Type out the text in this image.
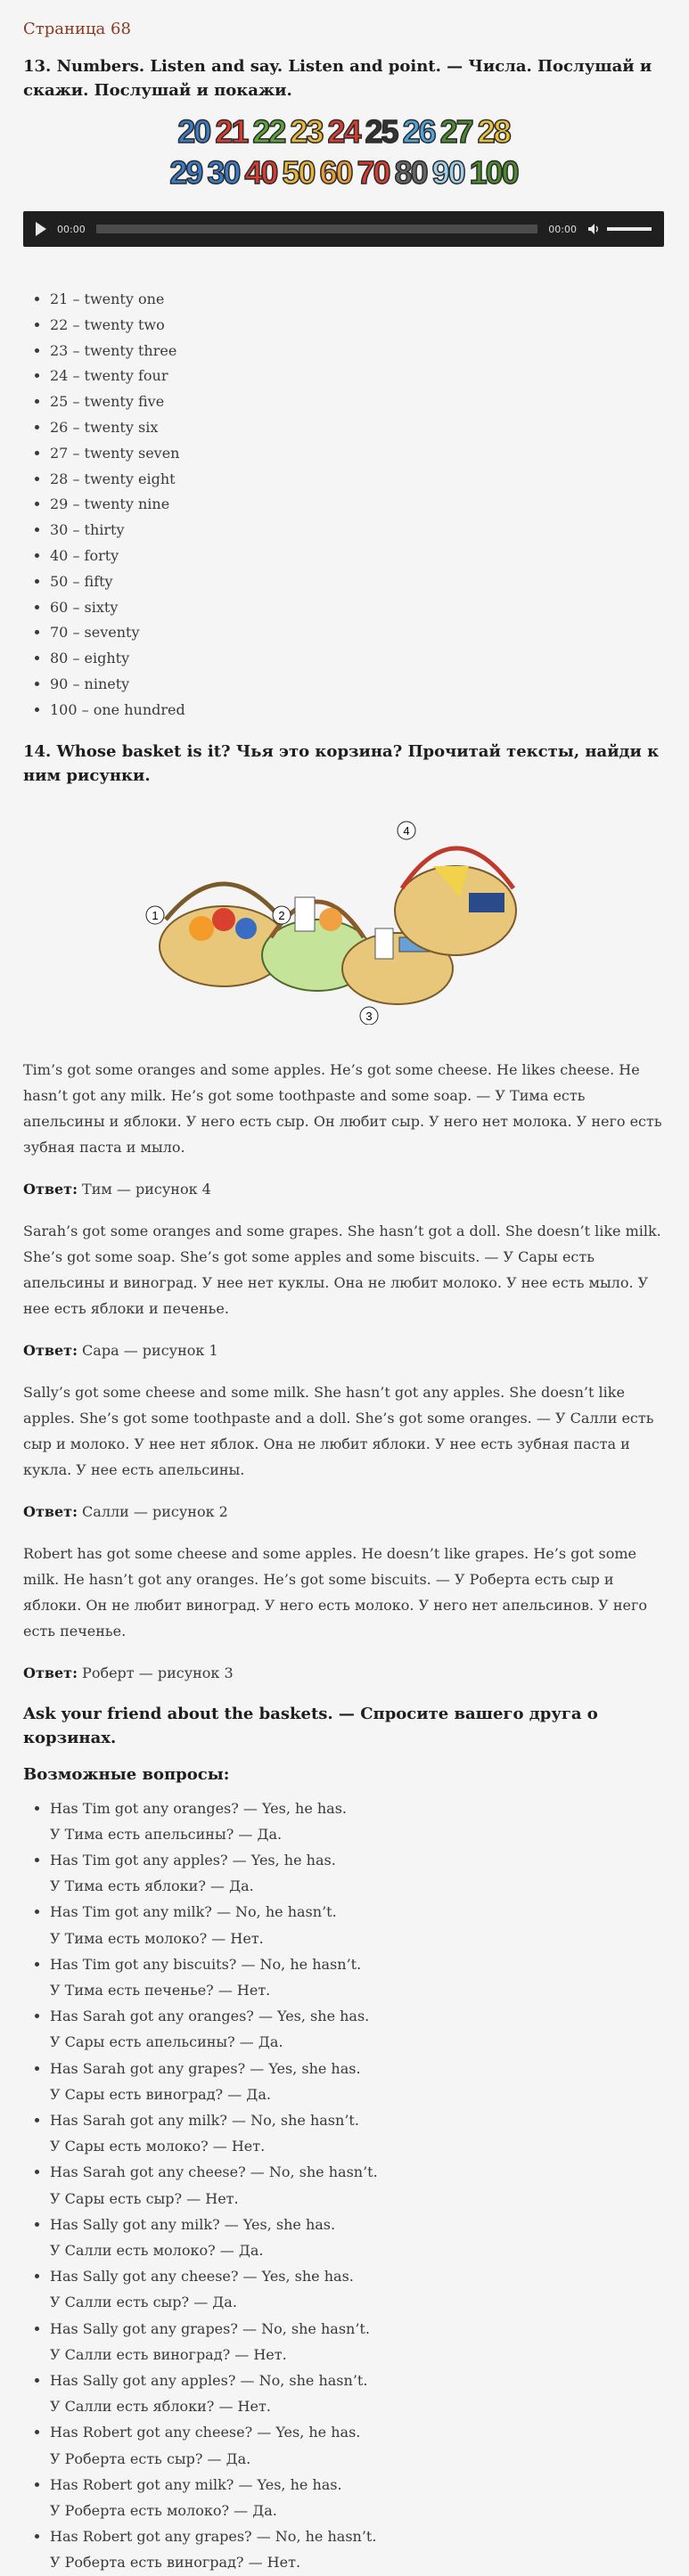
Страница 68
13. Numbers. Listen and say. Listen and point. — Числа. Послушай и скажи. Послушай и покажи.
20 21 22 23 24 25 26 27 28
29 30 40 50 60 70 80 90 100
00:00	00:00
• 21 – twenty one
• 22 – twenty two
• 23 – twenty three
• 24 – twenty four
• 25 – twenty five
• 26 – twenty six
• 27 – twenty seven
• 28 – twenty eight
• 29 – twenty nine
• 30 – thirty
• 40 – forty
• 50 – fifty
• 60 – sixty
• 70 – seventy
• 80 – eighty
• 90 – ninety
• 100 – one hundred
14. Whose basket is it? Чья это корзина? Прочитай тексты, найди к ним рисунки.
1	2
3
4

Tim’s got some oranges and some apples. He’s got some cheese. He likes cheese. He hasn’t got any milk. He’s got some toothpaste and some soap. — У Тима есть апельсины и яблоки. У него есть сыр. Он любит сыр. У него нет молока. У него есть зубная паста и мыло.

Ответ: Тим — рисунок 4

Sarah’s got some oranges and some grapes. She hasn’t got a doll. She doesn’t like milk. She’s got some soap. She’s got some apples and some biscuits. — У Сары есть апельсины и виноград. У нее нет куклы. Она не любит молоко. У нее есть мыло. У нее есть яблоки и печенье.

Ответ: Сара — рисунок 1

Sally’s got some cheese and some milk. She hasn’t got any apples. She doesn’t like apples. She’s got some toothpaste and a doll. She’s got some oranges. — У Салли есть сыр и молоко. У нее нет яблок. Она не любит яблоки. У нее есть зубная паста и кукла. У нее есть апельсины.

Ответ: Салли — рисунок 2

Robert has got some cheese and some apples. He doesn’t like grapes. He’s got some milk. He hasn’t got any oranges. He’s got some biscuits. — У Роберта есть сыр и яблоки. Он не любит виноград. У него есть молоко. У него нет апельсинов. У него есть печенье.

Ответ: Роберт — рисунок 3

Ask your friend about the baskets. — Спросите вашего друга о корзинах.
Возможные вопросы:
• Has Tim got any oranges? — Yes, he has.
У Тима есть апельсины? — Да.
• Has Tim got any apples? — Yes, he has.
У Тима есть яблоки? — Да.
• Has Tim got any milk? — No, he hasn’t.
У Тима есть молоко? — Нет.
• Has Tim got any biscuits? — No, he hasn’t.
У Тима есть печенье? — Нет.
• Has Sarah got any oranges? — Yes, she has.
У Сары есть апельсины? — Да.
• Has Sarah got any grapes? — Yes, she has.
У Сары есть виноград? — Да.
• Has Sarah got any milk? — No, she hasn’t.
У Сары есть молоко? — Нет.
• Has Sarah got any cheese? — No, she hasn’t.
У Сары есть сыр? — Нет.
• Has Sally got any milk? — Yes, she has.
У Салли есть молоко? — Да.
• Has Sally got any cheese? — Yes, she has.
У Салли есть сыр? — Да.
• Has Sally got any grapes? — No, she hasn’t.
У Салли есть виноград? — Нет.
• Has Sally got any apples? — No, she hasn’t.
У Салли есть яблоки? — Нет.
• Has Robert got any cheese? — Yes, he has.
У Роберта есть сыр? — Да.
• Has Robert got any milk? — Yes, he has.
У Роберта есть молоко? — Да.
• Has Robert got any grapes? — No, he hasn’t.
У Роберта есть виноград? — Нет.
